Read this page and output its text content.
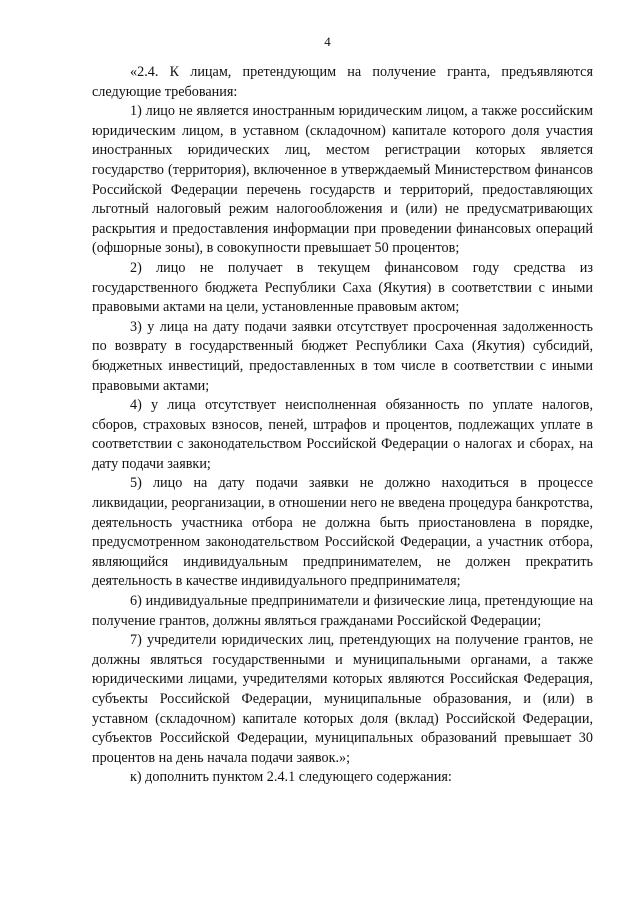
4

«2.4. К лицам, претендующим на получение гранта, предъявляются следующие требования:

1) лицо не является иностранным юридическим лицом, а также российским юридическим лицом, в уставном (складочном) капитале которого доля участия иностранных юридических лиц, местом регистрации которых является государство (территория), включенное в утверждаемый Министерством финансов Российской Федерации перечень государств и территорий, предоставляющих льготный налоговый режим налогообложения и (или) не предусматривающих раскрытия и предоставления информации при проведении финансовых операций (офшорные зоны), в совокупности превышает 50 процентов;

2) лицо не получает в текущем финансовом году средства из государственного бюджета Республики Саха (Якутия) в соответствии с иными правовыми актами на цели, установленные правовым актом;

3) у лица на дату подачи заявки отсутствует просроченная задолженность по возврату в государственный бюджет Республики Саха (Якутия) субсидий, бюджетных инвестиций, предоставленных в том числе в соответствии с иными правовыми актами;

4) у лица отсутствует неисполненная обязанность по уплате налогов, сборов, страховых взносов, пеней, штрафов и процентов, подлежащих уплате в соответствии с законодательством Российской Федерации о налогах и сборах, на дату подачи заявки;

5) лицо на дату подачи заявки не должно находиться в процессе ликвидации, реорганизации, в отношении него не введена процедура банкротства, деятельность участника отбора не должна быть приостановлена в порядке, предусмотренном законодательством Российской Федерации, а участник отбора, являющийся индивидуальным предпринимателем, не должен прекратить деятельность в качестве индивидуального предпринимателя;

6) индивидуальные предприниматели и физические лица, претендующие на получение грантов, должны являться гражданами Российской Федерации;

7) учредители юридических лиц, претендующих на получение грантов, не должны являться государственными и муниципальными органами, а также юридическими лицами, учредителями которых являются Российская Федерация, субъекты Российской Федерации, муниципальные образования, и (или) в уставном (складочном) капитале которых доля (вклад) Российской Федерации, субъектов Российской Федерации, муниципальных образований превышает 30 процентов на день начала подачи заявок.»;

к) дополнить пунктом 2.4.1 следующего содержания:
